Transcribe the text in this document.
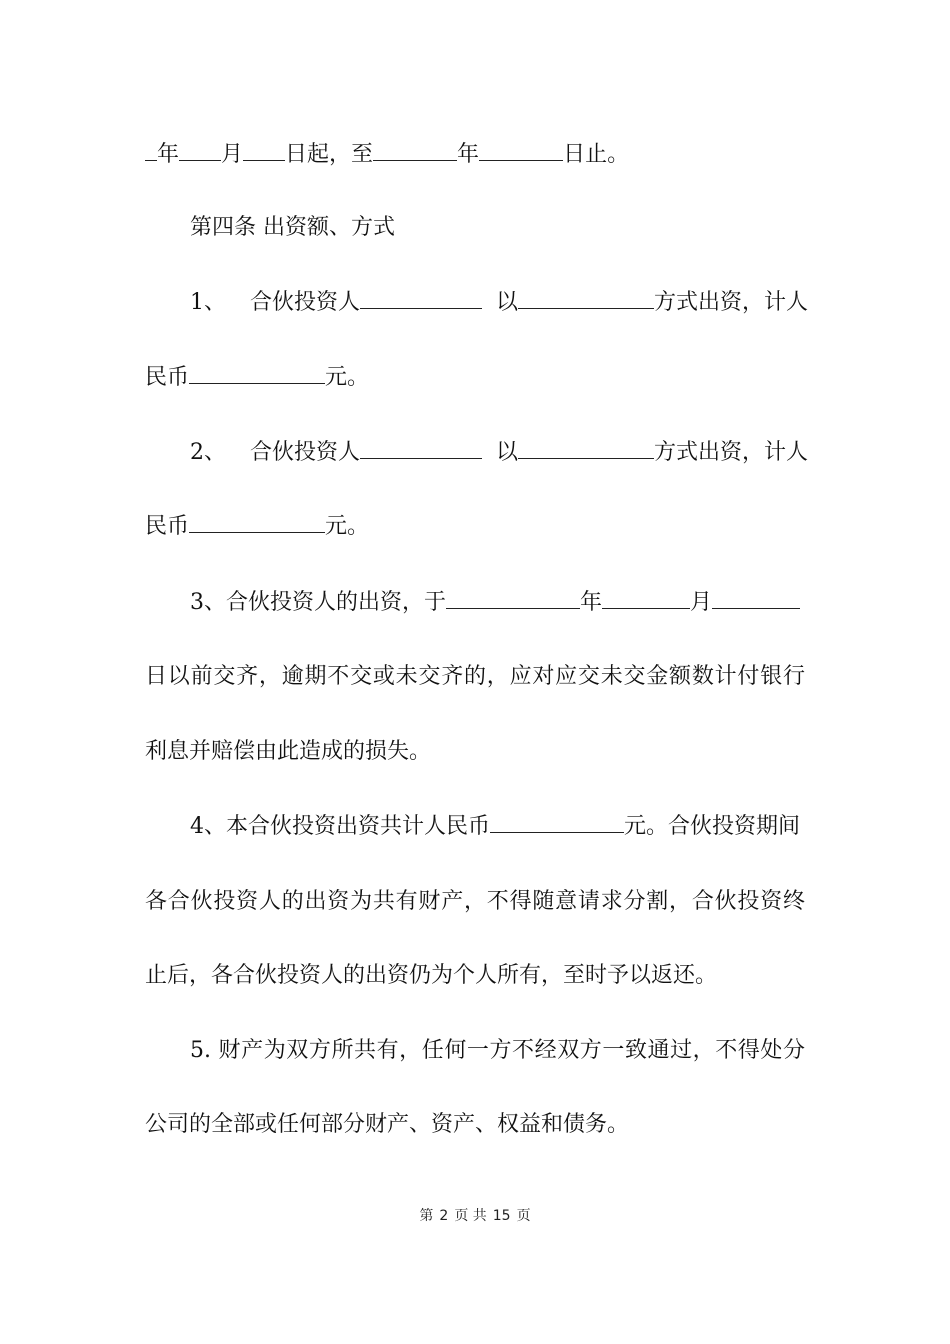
年 月 日起，至	年	日止。
第四条 出资额、方式
1、 合伙投资人	以	方式出资，计人
民币	元。
2、 合伙投资人	以	方式出资，计人
民币	元。
3、合伙投资人的出资，于	年	月
日以前交齐，逾期不交或未交齐的，应对应交未交金额数计付银行
利息并赔偿由此造成的损失。
4、本合伙投资出资共计人民币	元。合伙投资期间
各合伙投资人的出资为共有财产，不得随意请求分割，合伙投资终
止后，各合伙投资人的出资仍为个人所有，至时予以返还。
5. 财产为双方所共有，任何一方不经双方一致通过，不得处分
公司的全部或任何部分财产、资产、权益和债务。
第 2 页 共 15 页
